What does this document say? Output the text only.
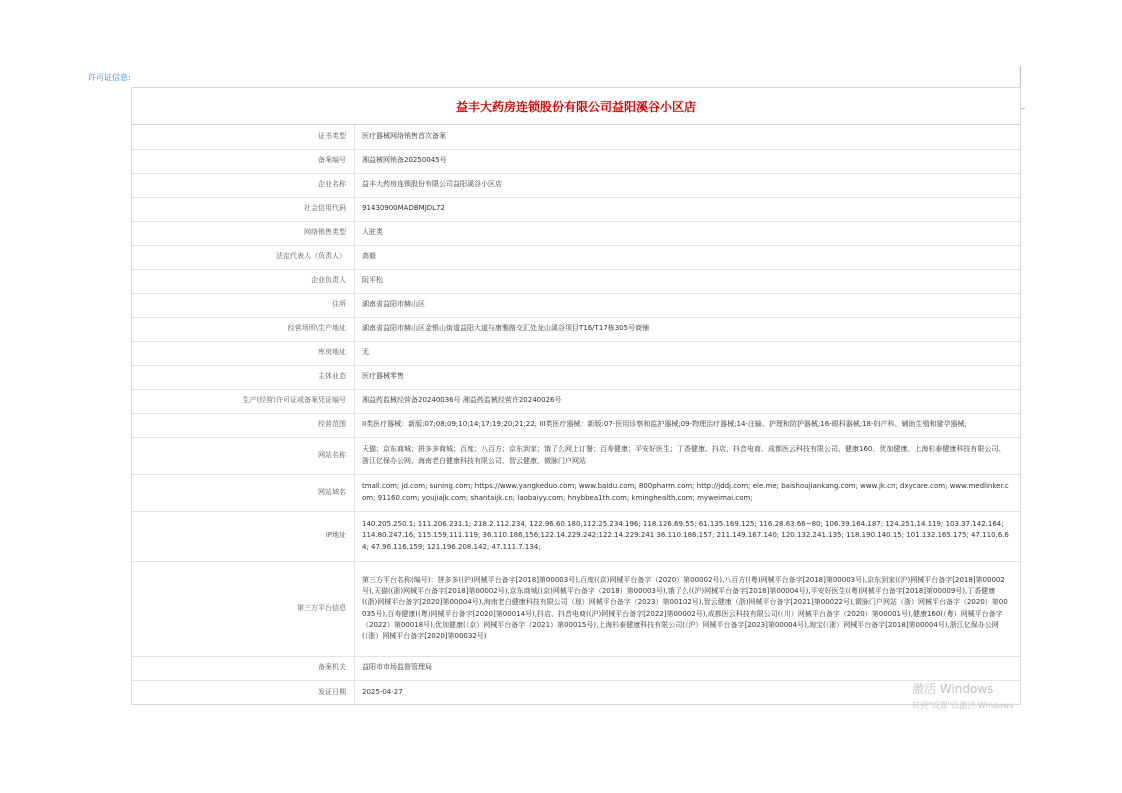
许可证信息:
益丰大药房连锁股份有限公司益阳溪谷小区店
证书类型	医疗器械网络销售首次备案
备案编号	湘益械网销备20250045号
企业名称	益丰大药房连锁股份有限公司益阳溪谷小区店
社会信用代码	91430900MADBMJDL72
网络销售类型	入驻类
法定代表人（负责人）	高毅
企业负责人	阮平松
住所	湖南省益阳市赫山区
经营场所\生产地址	湖南省益阳市赫山区金银山街道益阳大道与康雅路交汇处龙山溪谷项目T16/T17栋305号商铺
库房地址	无
主体业态	医疗器械零售
生产(经营)许可证或备案凭证编号	湘益药监械经营备20240036号 湘益药监械经营许20240026号
经营范围	II类医疗器械：新版:07;08;09;10;14;17;19;20;21;22; III类医疗器械：新版:07-医用诊察和监护器械;09-物理治疗器械;14-注输、护理和防护器械;16-眼科器械;18-妇产科、辅助生殖和避孕器械;
网站名称	天猫；京东商城；拼多多商城；百度；八百方；京东到家；饿了么网上订餐；百寿健康；平安好医生；丁香健康、抖店、抖音电商、成都医云科技有限公司、健康160、优加健康、上海杉泰健康科技有限公司、浙江亿保办公网、海南老白健康科技有限公司、智云健康、微脉门户网站
网站域名	tmall.com; jd.com; suning.com; https://www.yangkeduo.com; www.baidu.com; 800pharm.com; http://jddj.com; ele.me; baishoujiankang.com; www.jk.cn; dxycare.com; www.medlinker.com; 91160.com; youjiajk.com; shantaijk.cn; laobaiyy.com; hnybbea1th.com; kminghealth.com; myweimai.com;
IP地址	140.205.250.1; 111.206.231.1; 218.2.112.234, 122.96.60.180,112.25.234.196; 118.126.69.55; 61.135.169.125; 116.28.63.66~80; 106.39.164.187; 124.251.14.119; 103.37.142.164; 114.80.247.16; 115.159,111.119; 36.110.186,156;122.14.229.242;122.14.229.241 36.110.186.157; 211.149.167.140; 120.132.241.135; 118.190.140.15; 101.132.165.175; 47.110.6.64; 47.96.116.159; 121.196.208.142; 47.111.7.134;
第三方平台信息	第三方平台名称(编号)：拼多多((沪)网械平台备字[2018]第00003号),百度((京)网械平台备字（2020）第00002号),八百方((粤)网械平台备字[2018]第00003号),京东到家((沪)网械平台备字[2018]第00002号),天猫((浙)网械平台备字[2018]第00002号),京东商城((京)网械平台备字（2018）第00003号),饿了么((沪)网械平台备字[2018]第00004号),平安好医生((粤)网械平台备字[2018]第00009号),丁香健康((浙)网械平台备字[2020]第00004号),海南老白健康科技有限公司（琼）网械平台备字（2023）第00102号),智云健康（浙)网械平台备字[2021]第00022号),微脉门户网站（浙）网械平台备字（2020）第00035号),百寿健康((粤)网械平台备字[2020]第00014号),抖店、抖音电商((沪)网械平台备字[2022]第00002号),成都医云科技有限公司(（川）网械平台备字（2020）第00001号),健康160(（粤）网械平台备字（2022）第00018号),优加健康(（京）网械平台备字（2021）第00015号),上海杉泰健康科技有限公司(（沪）网械平台备字[2023]第00004号),淘宝(（浙）网械平台备字[2018]第00004号),浙江亿保办公网(（浙）网械平台备字[2020]第00032号)
备案机关	益阳市市场监督管理局
发证日期	2025-04-27	激活 Windows
转到"设置"以激活 Windows
